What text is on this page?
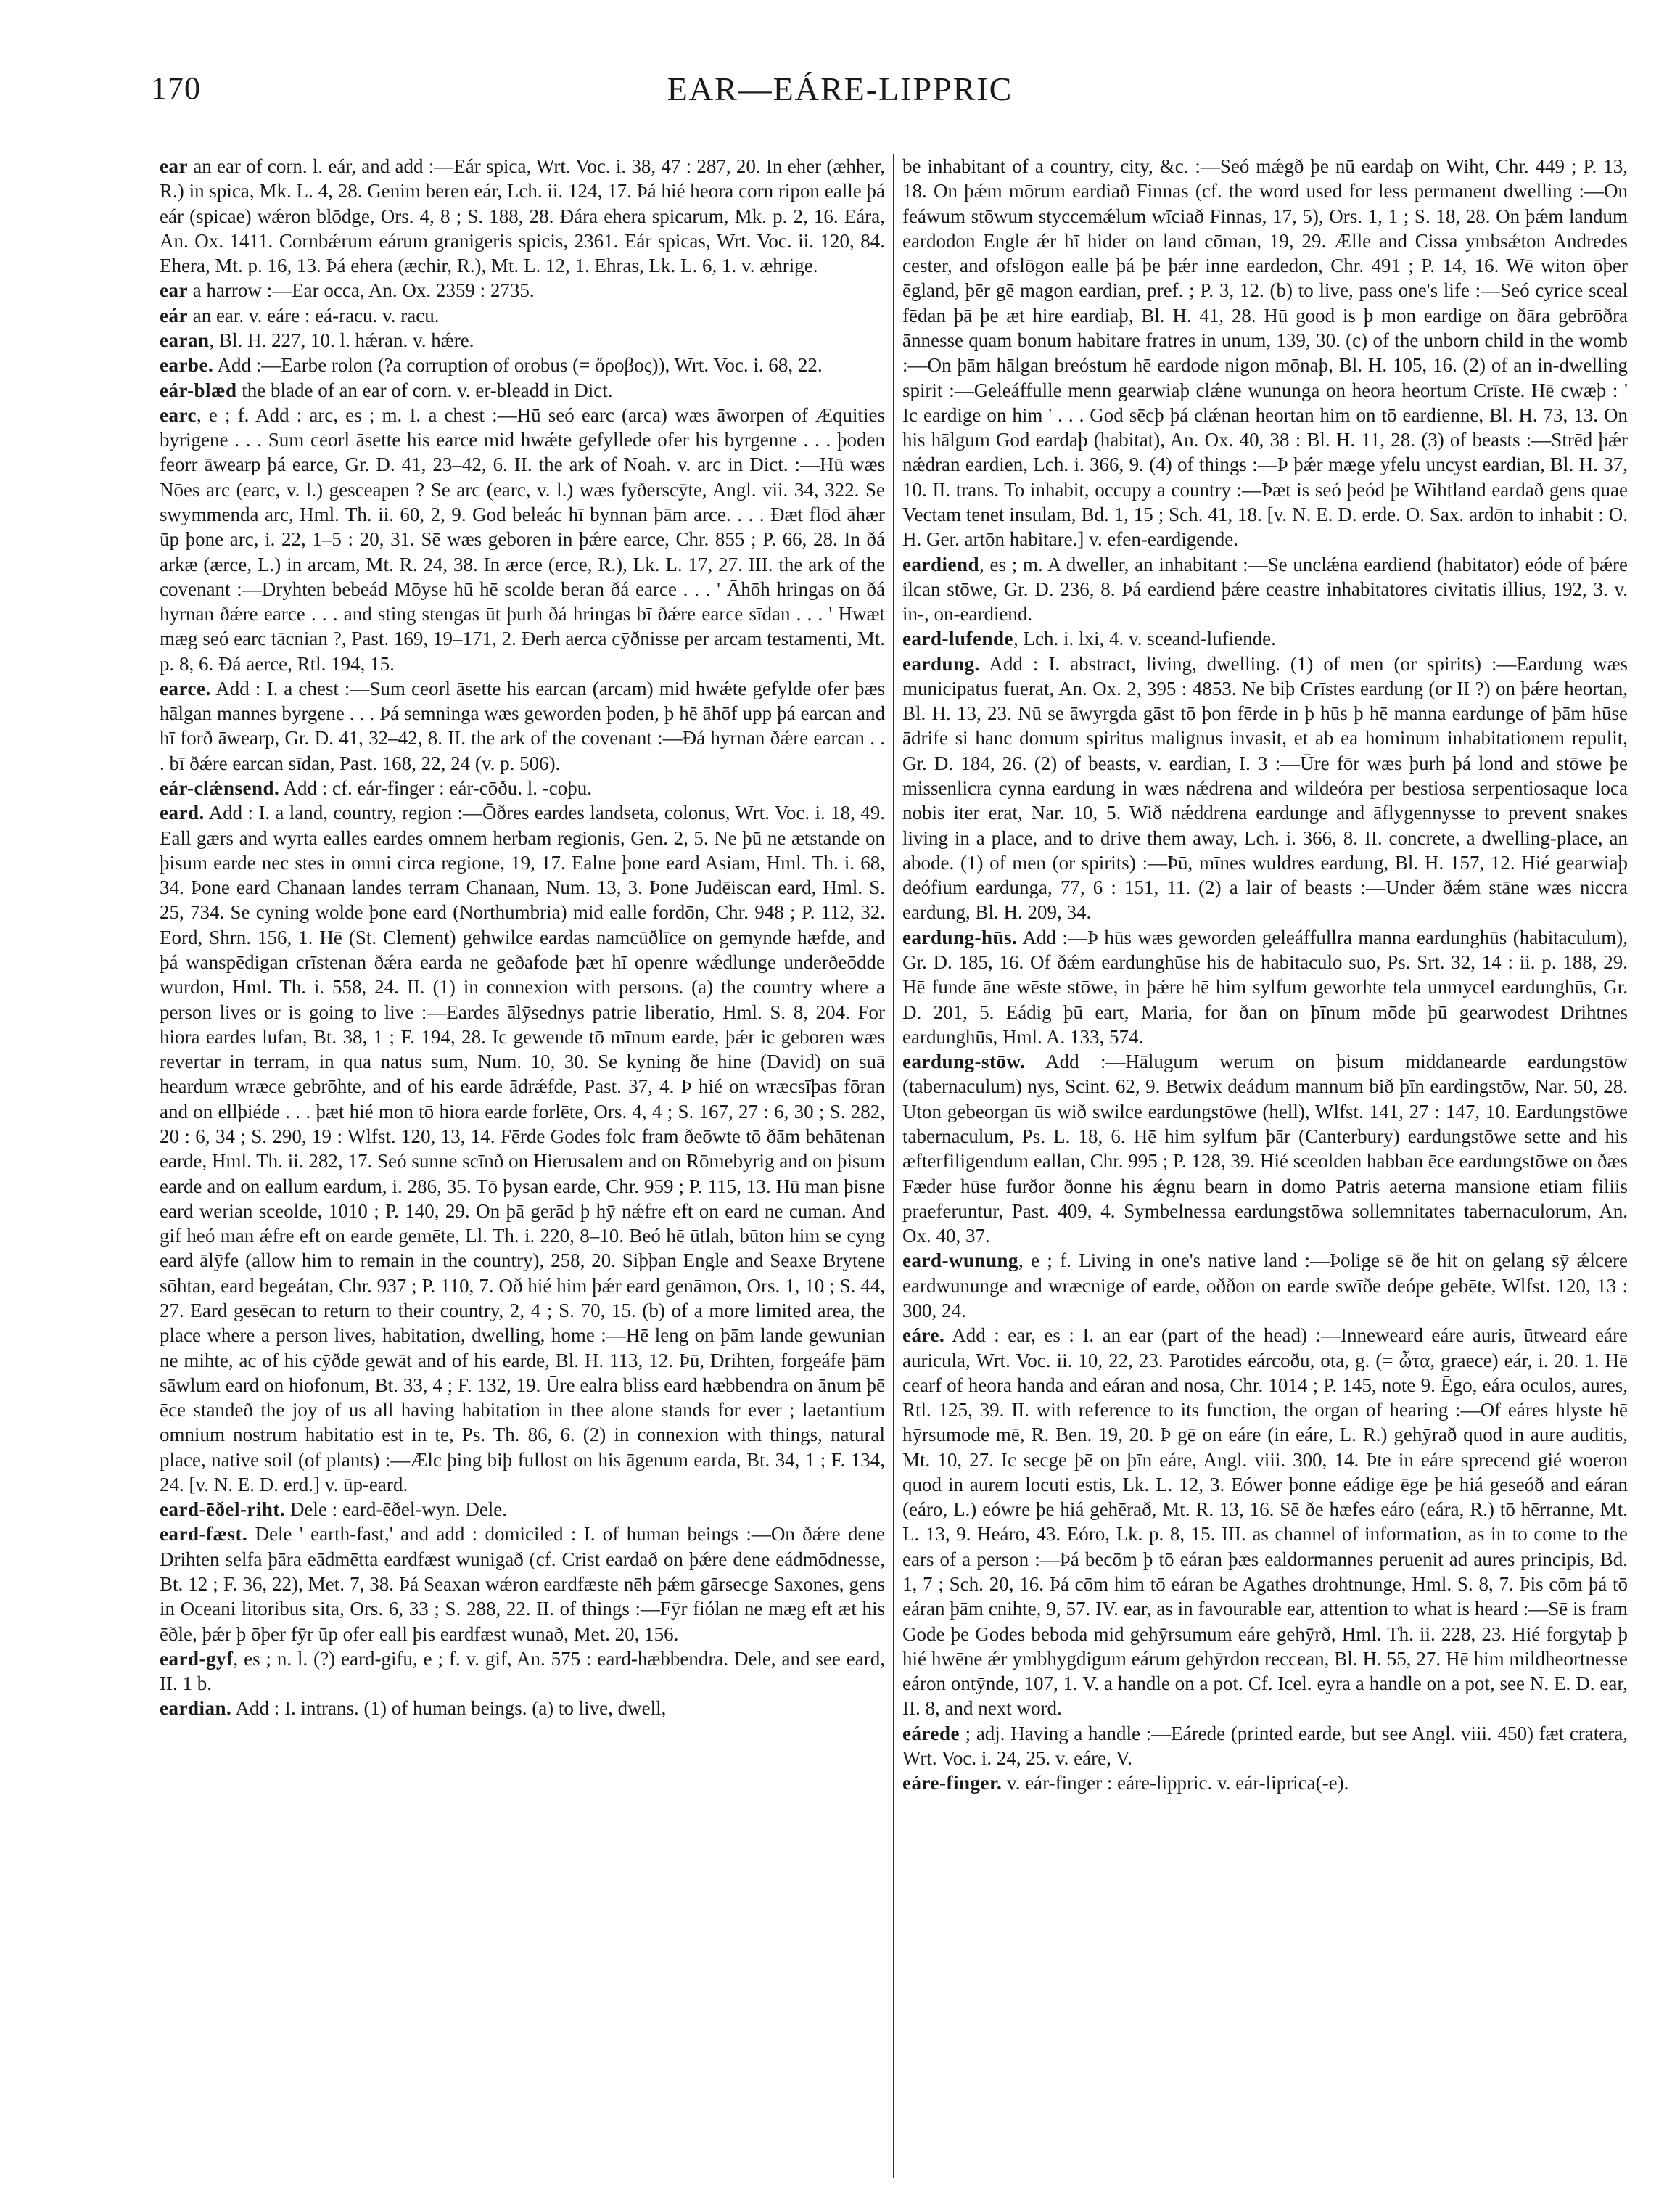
170	EAR—EÁRE-LIPPRIC

ear an ear of corn. l. eár, and add :—Eár spica, Wrt. Voc. i. 38, 47 : 287, 20. In eher (æhher, R.) in spica, Mk. L. 4, 28. Genim beren eár, Lch. ii. 124, 17. Þá hié heora corn ripon ealle þá eár (spicae) wǽron blōdge, Ors. 4, 8 ; S. 188, 28. Ðára ehera spicarum, Mk. p. 2, 16. Eára, An. Ox. 1411. Cornbǽrum eárum granigeris spicis, 2361. Eár spicas, Wrt. Voc. ii. 120, 84. Ehera, Mt. p. 16, 13. Þá ehera (æchir, R.), Mt. L. 12, 1. Ehras, Lk. L. 6, 1. v. æhrige.

ear a harrow :—Ear occa, An. Ox. 2359 : 2735.

eár an ear. v. eáre : eá-racu. v. racu.

earan, Bl. H. 227, 10. l. hǽran. v. hǽre.

earbe. Add :—Earbe rolon (?a corruption of orobus (= ὄροβος)), Wrt. Voc. i. 68, 22.

eár-blæd the blade of an ear of corn. v. er-bleadd in Dict.

earc, e ; f. Add : arc, es ; m. I. a chest :—Hū seó earc (arca) wæs āworpen of Æquities byrigene . . . Sum ceorl āsette his earce mid hwǽte gefyllede ofer his byrgenne . . . þoden feorr āwearp þá earce, Gr. D. 41, 23–42, 6. II. the ark of Noah. v. arc in Dict. :—Hū wæs Nōes arc (earc, v. l.) gesceapen ? Se arc (earc, v. l.) wæs fyðerscȳte, Angl. vii. 34, 322. Se swymmenda arc, Hml. Th. ii. 60, 2, 9. God beleác hī bynnan þām arce. . . . Ðæt flōd āhær ūp þone arc, i. 22, 1–5 : 20, 31. Sē wæs geboren in þǽre earce, Chr. 855 ; P. 66, 28. In ðá arkæ (ærce, L.) in arcam, Mt. R. 24, 38. In ærce (erce, R.), Lk. L. 17, 27. III. the ark of the covenant :—Dryhten bebeád Mōyse hū hē scolde beran ðá earce . . . ' Āhōh hringas on ðá hyrnan ðǽre earce . . . and sting stengas ūt þurh ðá hringas bī ðǽre earce sīdan . . . ' Hwæt mæg seó earc tācnian ?, Past. 169, 19–171, 2. Ðerh aerca cȳðnisse per arcam testamenti, Mt. p. 8, 6. Ðá aerce, Rtl. 194, 15.

earce. Add : I. a chest :—Sum ceorl āsette his earcan (arcam) mid hwǽte gefylde ofer þæs hālgan mannes byrgene . . . Þá semninga wæs geworden þoden, þ hē āhōf upp þá earcan and hī forð āwearp, Gr. D. 41, 32–42, 8. II. the ark of the covenant :—Ðá hyrnan ðǽre earcan . . . bī ðǽre earcan sīdan, Past. 168, 22, 24 (v. p. 506).

eár-clǽnsend. Add : cf. eár-finger : eár-cōðu. l. -coþu.

eard. Add : I. a land, country, region :—Ōðres eardes landseta, colonus, Wrt. Voc. i. 18, 49. Eall gærs and wyrta ealles eardes omnem herbam regionis, Gen. 2, 5. Ne þū ne ætstande on þisum earde nec stes in omni circa regione, 19, 17. Ealne þone eard Asiam, Hml. Th. i. 68, 34. Þone eard Chanaan landes terram Chanaan, Num. 13, 3. Þone Judēiscan eard, Hml. S. 25, 734. Se cyning wolde þone eard (Northumbria) mid ealle fordōn, Chr. 948 ; P. 112, 32. Eord, Shrn. 156, 1. Hē (St. Clement) gehwilce eardas namcūðlīce on gemynde hæfde, and þá wanspēdigan crīstenan ðǽra earda ne geðafode þæt hī openre wǽdlunge underðeōdde wurdon, Hml. Th. i. 558, 24. II. (1) in connexion with persons. (a) the country where a person lives or is going to live :—Eardes ālȳsednys patrie liberatio, Hml. S. 8, 204. For hiora eardes lufan, Bt. 38, 1 ; F. 194, 28. Ic gewende tō mīnum earde, þǽr ic geboren wæs revertar in terram, in qua natus sum, Num. 10, 30. Se kyning ðe hine (David) on suā heardum wræce gebrōhte, and of his earde ādrǽfde, Past. 37, 4. Þ hié on wræcsīþas fōran and on ellþiéde . . . þæt hié mon tō hiora earde forlēte, Ors. 4, 4 ; S. 167, 27 : 6, 30 ; S. 282, 20 : 6, 34 ; S. 290, 19 : Wlfst. 120, 13, 14. Fērde Godes folc fram ðeōwte tō ðām behātenan earde, Hml. Th. ii. 282, 17. Seó sunne scīnð on Hierusalem and on Rōmebyrig and on þisum earde and on eallum eardum, i. 286, 35. Tō þysan earde, Chr. 959 ; P. 115, 13. Hū man þisne eard werian sceolde, 1010 ; P. 140, 29. On þā gerād þ hȳ nǽfre eft on eard ne cuman. And gif heó man ǽfre eft on earde gemēte, Ll. Th. i. 220, 8–10. Beó hē ūtlah, būton him se cyng eard ālȳfe (allow him to remain in the country), 258, 20. Siþþan Engle and Seaxe Brytene sōhtan, eard begeátan, Chr. 937 ; P. 110, 7. Oð hié him þǽr eard genāmon, Ors. 1, 10 ; S. 44, 27. Eard gesēcan to return to their country, 2, 4 ; S. 70, 15. (b) of a more limited area, the place where a person lives, habitation, dwelling, home :—Hē leng on þām lande gewunian ne mihte, ac of his cȳðde gewāt and of his earde, Bl. H. 113, 12. Þū, Drihten, forgeáfe þām sāwlum eard on hiofonum, Bt. 33, 4 ; F. 132, 19. Ūre ealra bliss eard hæbbendra on ānum þē ēce standeð the joy of us all having habitation in thee alone stands for ever ; laetantium omnium nostrum habitatio est in te, Ps. Th. 86, 6. (2) in connexion with things, natural place, native soil (of plants) :—Ælc þing biþ fullost on his āgenum earda, Bt. 34, 1 ; F. 134, 24. [v. N. E. D. erd.] v. ūp-eard.

eard-ēðel-riht. Dele : eard-ēðel-wyn. Dele.

eard-fæst. Dele ' earth-fast,' and add : domiciled : I. of human beings :—On ðǽre dene Drihten selfa þāra eādmētta eardfæst wunigað (cf. Crist eardað on þǽre dene eádmōdnesse, Bt. 12 ; F. 36, 22), Met. 7, 38. Þá Seaxan wǽron eardfæste nēh þǽm gārsecge Saxones, gens in Oceani litoribus sita, Ors. 6, 33 ; S. 288, 22. II. of things :—Fȳr fiólan ne mæg eft æt his ēðle, þǽr þ ōþer fȳr ūp ofer eall þis eardfæst wunað, Met. 20, 156.

eard-gyf, es ; n. l. (?) eard-gifu, e ; f. v. gif, An. 575 : eard-hæbbendra. Dele, and see eard, II. 1 b.

eardian. Add : I. intrans. (1) of human beings. (a) to live, dwell,

be inhabitant of a country, city, &c. :—Seó mǽgð þe nū eardaþ on Wiht, Chr. 449 ; P. 13, 18. On þǽm mōrum eardiað Finnas (cf. the word used for less permanent dwelling :—On feáwum stōwum styccemǽlum wīciað Finnas, 17, 5), Ors. 1, 1 ; S. 18, 28. On þǽm landum eardodon Engle ǽr hī hider on land cōman, 19, 29. Ælle and Cissa ymbsǽton Andredes cester, and ofslōgon ealle þá þe þǽr inne eardedon, Chr. 491 ; P. 14, 16. Wē witon ōþer ēgland, þēr gē magon eardian, pref. ; P. 3, 12. (b) to live, pass one's life :—Seó cyrice sceal fēdan þā þe æt hire eardiaþ, Bl. H. 41, 28. Hū good is þ mon eardige on ðāra gebrōðra ānnesse quam bonum habitare fratres in unum, 139, 30. (c) of the unborn child in the womb :—On þām hālgan breóstum hē eardode nigon mōnaþ, Bl. H. 105, 16. (2) of an in-dwelling spirit :—Geleáffulle menn gearwiaþ clǽne wununga on heora heortum Crīste. Hē cwæþ : ' Ic eardige on him ' . . . God sēcþ þá clǽnan heortan him on tō eardienne, Bl. H. 73, 13. On his hālgum God eardaþ (habitat), An. Ox. 40, 38 : Bl. H. 11, 28. (3) of beasts :—Strēd þǽr nǽdran eardien, Lch. i. 366, 9. (4) of things :—Þ þǽr mæge yfelu uncyst eardian, Bl. H. 37, 10. II. trans. To inhabit, occupy a country :—Þæt is seó þeód þe Wihtland eardað gens quae Vectam tenet insulam, Bd. 1, 15 ; Sch. 41, 18. [v. N. E. D. erde. O. Sax. ardōn to inhabit : O. H. Ger. artōn habitare.] v. efen-eardigende.

eardiend, es ; m. A dweller, an inhabitant :—Se unclǽna eardiend (habitator) eóde of þǽre ilcan stōwe, Gr. D. 236, 8. Þá eardiend þǽre ceastre inhabitatores civitatis illius, 192, 3. v. in-, on-eardiend.

eard-lufende, Lch. i. lxi, 4. v. sceand-lufiende.

eardung. Add : I. abstract, living, dwelling. (1) of men (or spirits) :—Eardung wæs municipatus fuerat, An. Ox. 2, 395 : 4853. Ne biþ Crīstes eardung (or II ?) on þǽre heortan, Bl. H. 13, 23. Nū se āwyrgda gāst tō þon fērde in þ hūs þ hē manna eardunge of þām hūse ādrife si hanc domum spiritus malignus invasit, et ab ea hominum inhabitationem repulit, Gr. D. 184, 26. (2) of beasts, v. eardian, I. 3 :—Ūre fōr wæs þurh þá lond and stōwe þe missenlicra cynna eardung in wæs nǽdrena and wildeóra per bestiosa serpentiosaque loca nobis iter erat, Nar. 10, 5. Wið nǽddrena eardunge and āflygennysse to prevent snakes living in a place, and to drive them away, Lch. i. 366, 8. II. concrete, a dwelling-place, an abode. (1) of men (or spirits) :—Þū, mīnes wuldres eardung, Bl. H. 157, 12. Hié gearwiaþ deófium eardunga, 77, 6 : 151, 11. (2) a lair of beasts :—Under ðǽm stāne wæs niccra eardung, Bl. H. 209, 34.

eardung-hūs. Add :—Þ hūs wæs geworden geleáffullra manna eardunghūs (habitaculum), Gr. D. 185, 16. Of ðǽm eardunghūse his de habitaculo suo, Ps. Srt. 32, 14 : ii. p. 188, 29. Hē funde āne wēste stōwe, in þǽre hē him sylfum geworhte tela unmycel eardunghūs, Gr. D. 201, 5. Eádig þū eart, Maria, for ðan on þīnum mōde þū gearwodest Drihtnes eardunghūs, Hml. A. 133, 574.

eardung-stōw. Add :—Hālugum werum on þisum middanearde eardungstōw (tabernaculum) nys, Scint. 62, 9. Betwix deádum mannum bið þīn eardingstōw, Nar. 50, 28. Uton gebeorgan ūs wið swilce eardungstōwe (hell), Wlfst. 141, 27 : 147, 10. Eardungstōwe tabernaculum, Ps. L. 18, 6. Hē him sylfum þār (Canterbury) eardungstōwe sette and his æfterfiligendum eallan, Chr. 995 ; P. 128, 39. Hié sceolden habban ēce eardungstōwe on ðæs Fæder hūse furðor ðonne his ǽgnu bearn in domo Patris aeterna mansione etiam filiis praeferuntur, Past. 409, 4. Symbelnessa eardungstōwa sollemnitates tabernaculorum, An. Ox. 40, 37.

eard-wunung, e ; f. Living in one's native land :—Þolige sē ðe hit on gelang sȳ ǽlcere eardwununge and wræcnige of earde, oððon on earde swīðe deópe gebēte, Wlfst. 120, 13 : 300, 24.

eáre. Add : ear, es : I. an ear (part of the head) :—Inneweard eáre auris, ūtweard eáre auricula, Wrt. Voc. ii. 10, 22, 23. Parotides eárcoðu, ota, g. (= ὦτα, graece) eár, i. 20. 1. Hē cearf of heora handa and eáran and nosa, Chr. 1014 ; P. 145, note 9. Ēgo, eára oculos, aures, Rtl. 125, 39. II. with reference to its function, the organ of hearing :—Of eáres hlyste hē hȳrsumode mē, R. Ben. 19, 20. Þ gē on eáre (in eáre, L. R.) gehȳrað quod in aure auditis, Mt. 10, 27. Ic secge þē on þīn eáre, Angl. viii. 300, 14. Þte in eáre sprecend gié woeron quod in aurem locuti estis, Lk. L. 12, 3. Eówer þonne eádige ēge þe hiá geseóð and eáran (eáro, L.) eówre þe hiá gehērað, Mt. R. 13, 16. Sē ðe hæfes eáro (eára, R.) tō hērranne, Mt. L. 13, 9. Heáro, 43. Eóro, Lk. p. 8, 15. III. as channel of information, as in to come to the ears of a person :—Þá becōm þ tō eáran þæs ealdormannes peruenit ad aures principis, Bd. 1, 7 ; Sch. 20, 16. Þá cōm him tō eáran be Agathes drohtnunge, Hml. S. 8, 7. Þis cōm þá tō eáran þām cnihte, 9, 57. IV. ear, as in favourable ear, attention to what is heard :—Sē is fram Gode þe Godes beboda mid gehȳrsumum eáre gehȳrð, Hml. Th. ii. 228, 23. Hié forgytaþ þ hié hwēne ǽr ymbhygdigum eárum gehȳrdon reccean, Bl. H. 55, 27. Hē him mildheortnesse eáron ontȳnde, 107, 1. V. a handle on a pot. Cf. Icel. eyra a handle on a pot, see N. E. D. ear, II. 8, and next word.

eárede ; adj. Having a handle :—Eárede (printed earde, but see Angl. viii. 450) fæt cratera, Wrt. Voc. i. 24, 25. v. eáre, V.

eáre-finger. v. eár-finger : eáre-lippric. v. eár-liprica(-e).
